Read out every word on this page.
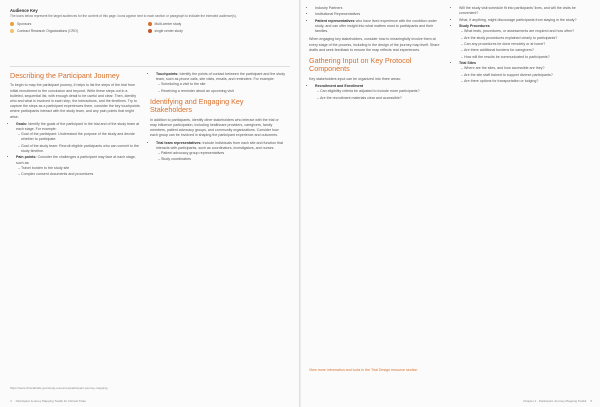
Audience Key
The icons below represent the target audiences for the content of this page. Icons appear next to each section or paragraph to indicate the intended audience(s).
Sponsors	Multi-center study
Contract Research Organizations (CRO)	single center study
Describing the Participant Journey

To begin to map the participant journey, it helps to list the steps of the trial from initial recruitment to the conclusion and beyond. Write these steps out in a bulleted, sequential list, with enough detail to be useful and clear. Then, identify who and what is involved in each step, the interactions, and the timelines. Try to capture the steps as a participant experiences them, consider the key touchpoints where participants interact with the study team, and any pain points that might arise.

• Goals: Identify the goals of the participant in the trial and of the study team at each stage. For example:
– Goal of the participant: Understand the purpose of the study and decide whether to participate.
– Goal of the study team: Recruit eligible participants who can commit to the study timeline.
• Pain points: Consider the challenges a participant may face at each stage, such as:
– Travel burden to the study site
– Complex consent documents and procedures
• Touchpoints: Identify the points of contact between the participant and the study team, such as phone calls, site visits, emails, and reminders. For example:
– Scheduling a visit to the site
– Receiving a reminder about an upcoming visit
Identifying and Engaging Key Stakeholders

In addition to participants, identify other stakeholders who interact with the trial or may influence participation, including healthcare providers, caregivers, family members, patient advocacy groups, and community organizations. Consider how each group can be involved in shaping the participant experience and outcomes.

• Trial team representatives: Include individuals from each site and function that interacts with participants, such as coordinators, investigators, and nurses.
– Patient advocacy group representatives
– Study coordinators
https://www.clinicaltrials.gov/study-resources/participant-journey-mapping
4 Participant Journey Mapping Toolkit for Clinical Trials
• Industry Partners
• Institutional Representatives
• Patient representatives who have lived experience with the condition under study, and can offer insight into what matters most to participants and their families.

When engaging key stakeholders, consider how to meaningfully involve them at every stage of the process, including in the design of the journey map itself. Share drafts and seek feedback to ensure the map reflects real experiences.

Gathering Input on Key Protocol Components

Key stakeholders input can be organized into three areas:

• Recruitment and Enrollment
– Can eligibility criteria be adjusted to include more participants?
– Are the recruitment materials clear and accessible?
View more information and tools in the Trial Design resource section
• Will the study visit schedule fit into participants' lives, and will the visits be convenient?
• What, if anything, might discourage participants from staying in the study?
• Study Procedures
– What tests, procedures, or assessments are required and how often?
– Are the study procedures explained clearly to participants?
– Can any procedures be done remotely or at home?
– Are there additional burdens for caregivers?
– How will the results be communicated to participants?
• Trial Sites
– Where are the sites, and how accessible are they?
– Are the site staff trained to support diverse participants?
– Are there options for transportation or lodging?
Chapter 2 · Participant Journey Mapping Toolkit 5
